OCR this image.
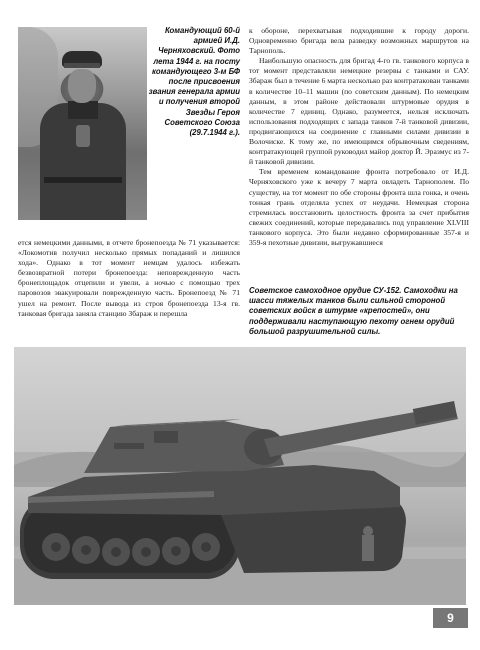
Командующий 60-й армией И.Д. Черняховский. Фото лета 1944 г. на посту командующего 3-м БФ после присвоения звания генерала армии и получения второй Звезды Героя Советского Союза (29.7.1944 г.).

к обороне, перехватывая подходившие к городу дороги. Одновременно бригада вела разведку возможных маршрутов на Тарнополь.

Наибольшую опасность для бригад 4-го гв. танкового корпуса в тот момент представляли немецкие резервы с танками и САУ. Збараж был в течение 6 марта несколько раз контратакован танками в количестве 10–11 машин (по советским данным). По немецким данным, в этом районе действовали штурмовые орудия в количестве 7 единиц. Однако, разумеется, нельзя исключать использования подходящих с запада танков 7-й танковой дивизии, продвигающихся на соединение с главными силами дивизии в Волочиске. К тому же, по имеющимся обрывочным сведениям, контратакующей группой руководил майор доктор Й. Эразмус из 7-й танковой дивизии.

Тем временем командование фронта потребовало от И.Д. Черняховского уже к вечеру 7 марта овладеть Тарнополем. По существу, на тот момент по обе стороны фронта шла гонка, и очень тонкая грань отделяла успех от неудачи. Немецкая сторона стремилась восстановить целостность фронта за счет прибытия свежих соединений, которые передавались под управление XLVIII танкового корпуса. Это были недавно сформированные 357-я и 359-я пехотные дивизии, выгружавшиеся

ется немецкими данными, в отчете бронепоезда № 71 указывается: «Локомотив получил несколько прямых попаданий и лишился хода». Однако в тот момент немцам удалось избежать безвозвратной потери бронепоезда: неповрежденную часть бронеплощадок отцепили и увели, а ночью с помощью трех паровозов эвакуировали поврежденную часть. Бронепоезд № 71 ушел на ремонт. После вывода из строя бронепоезда 13-я гв. танковая бригада заняла станцию Збараж и перешла

Советское самоходное орудие СУ-152. Самоходки на шасси тяжелых танков были сильной стороной советских войск в штурме «крепостей», они поддерживали наступающую пехоту огнем орудий большой разрушительной силы.
9
